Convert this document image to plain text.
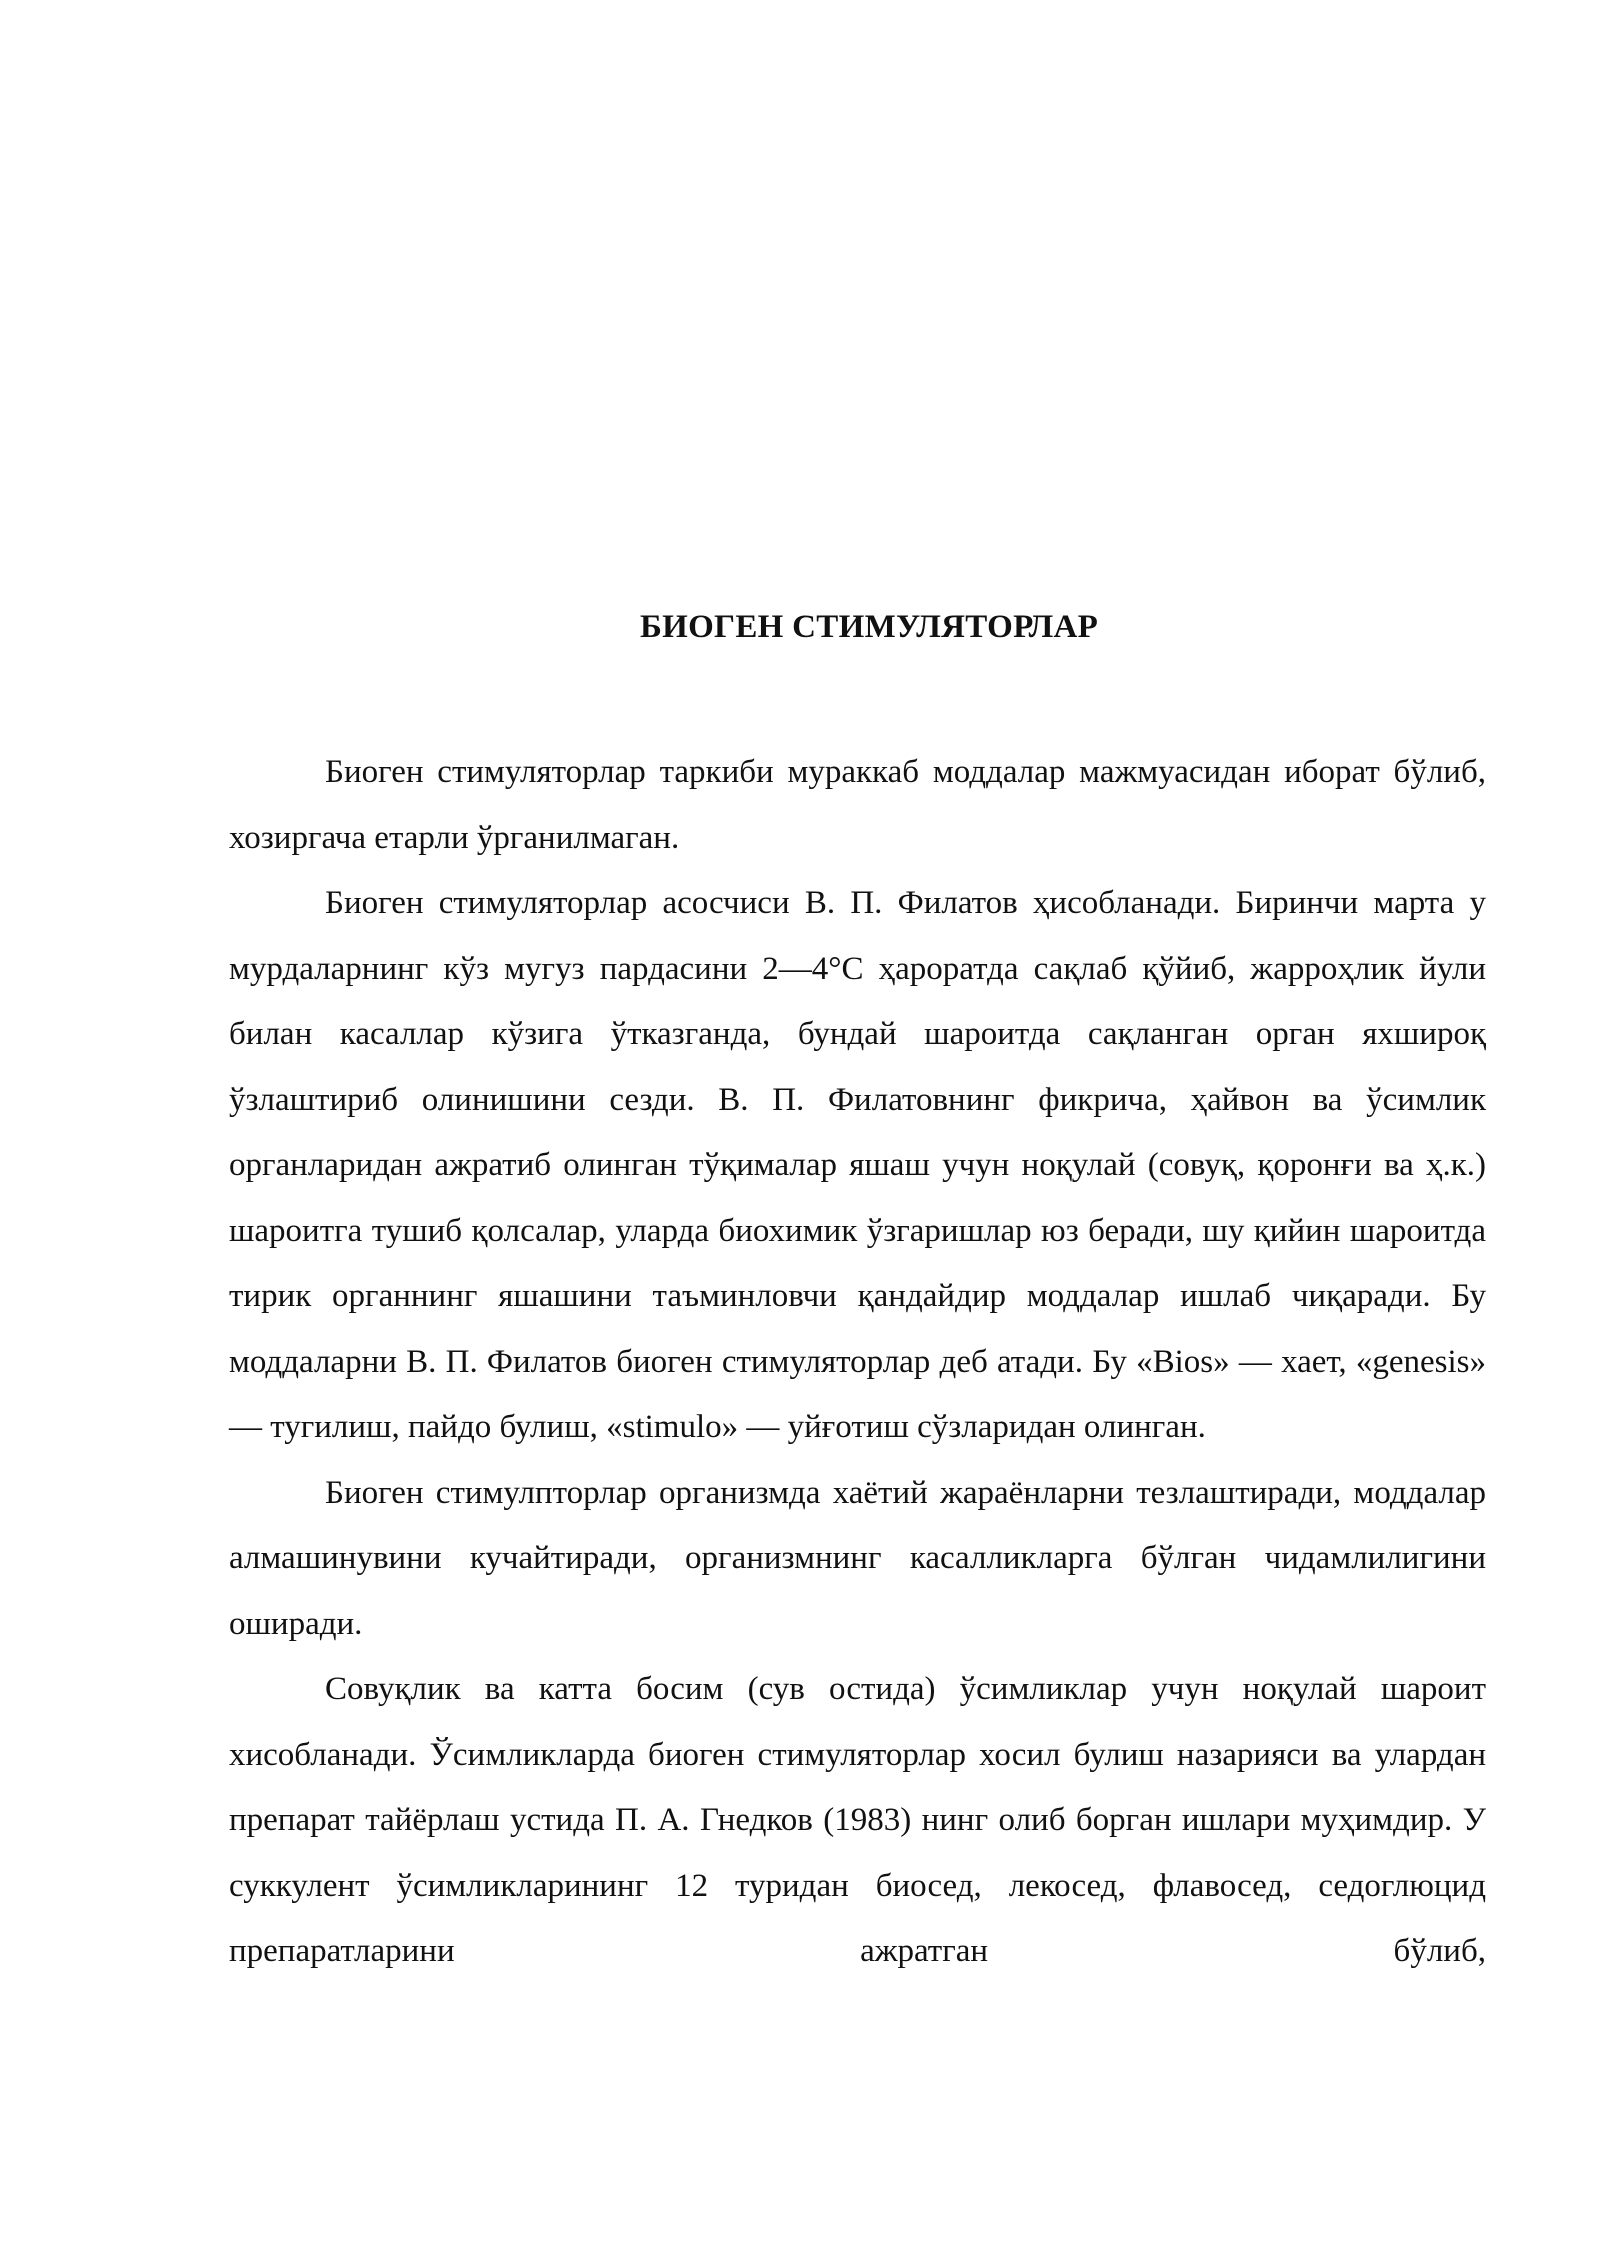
БИОГЕН СТИМУЛЯТОРЛАР

Биоген стимуляторлар таркиби мураккаб моддалар мажмуасидан иборат бўлиб, хозиргача етарли ўрганилмаган.

Биоген стимуляторлар асосчиси В. П. Филатов ҳисобланади. Биринчи марта у мурдаларнинг кўз мугуз пардасини 2—4°С ҳароратда сақлаб қўйиб, жарроҳлик йули билан касаллар кўзига ўтказганда, бундай шароитда сақланган орган яхшироқ ўзлаштириб олинишини сезди. В. П. Филатовнинг фикрича, ҳайвон ва ўсимлик органларидан ажратиб олинган тўқималар яшаш учун ноқулай (совуқ, қоронғи ва ҳ.к.) шароитга тушиб қолсалар, уларда биохимик ўзгаришлар юз беради, шу қийин шароитда тирик органнинг яшашини таъминловчи қандайдир моддалар ишлаб чиқаради. Бу моддаларни В. П. Филатов биоген стимуляторлар деб атади. Бу «Bios» — хает, «genesis» — тугилиш, пайдо булиш, «stimulo» — уйғотиш сўзларидан олинган.

Биоген стимулпторлар организмда хаётий жараёнларни тезлаштиради, моддалар алмашинувини кучайтиради, организмнинг касалликларга бўлган чидамлилигини оширади.

Совуқлик ва катта босим (сув остида) ўсимликлар учун ноқулай шароит хисобланади. Ўсимликларда биоген стимуляторлар хосил булиш назарияси ва улардан препарат тайёрлаш устида П. А. Гнедков (1983) нинг олиб борган ишлари муҳимдир. У суккулент ўсимликларининг 12 туридан биосед, лекосед, флавосед, седоглюцид препаратларини ажратган бўлиб,
